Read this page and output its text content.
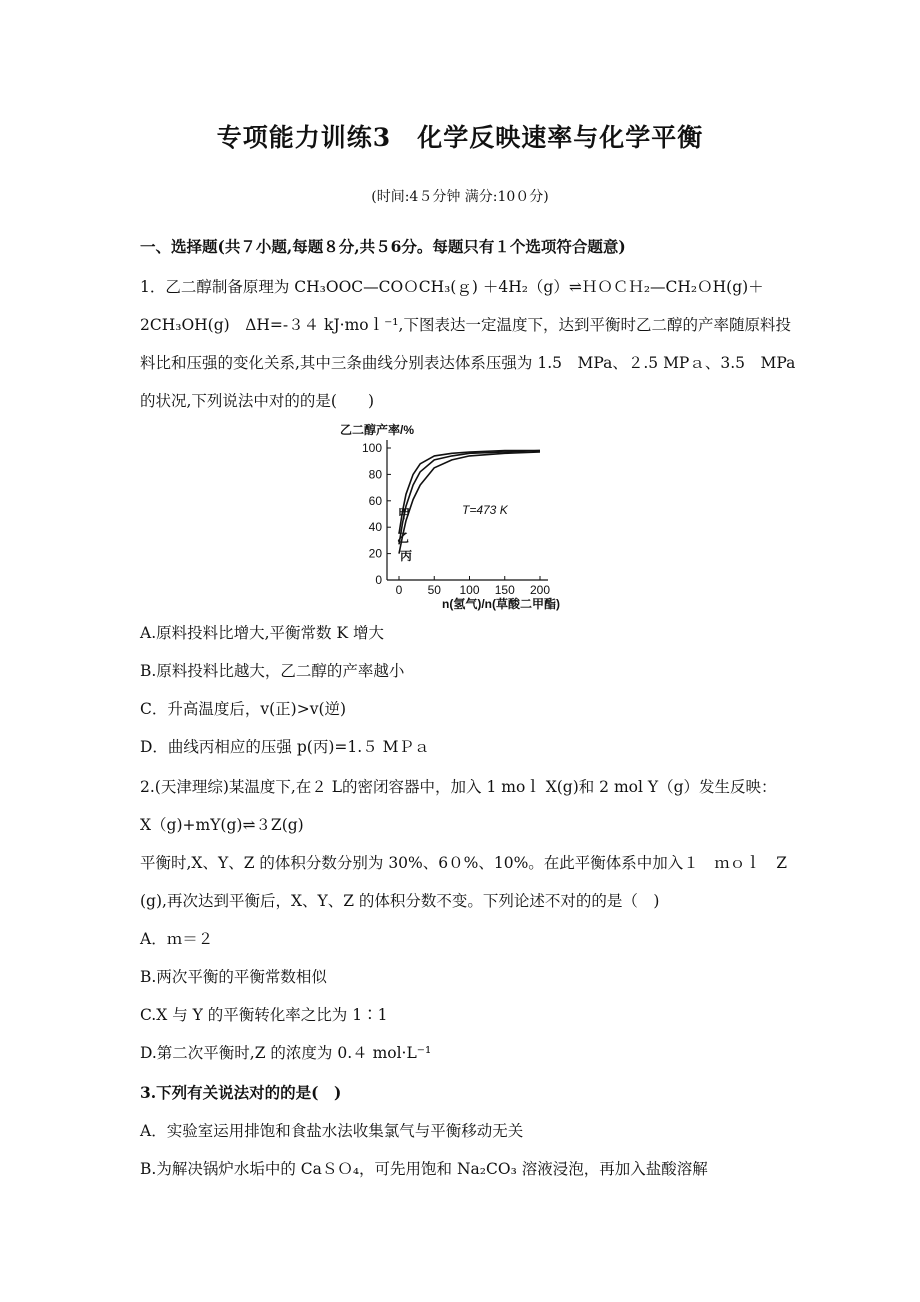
专项能力训练3　化学反映速率与化学平衡
(时间:4５分钟 满分:10０分)
一、选择题(共７小题,每题８分,共５6分。每题只有１个选项符合题意)
1．乙二醇制备原理为 CH₃OOC—COＯCH₃(ｇ) ＋4H₂（g）⇌ＨＯＣＨ₂—CH₂ＯH(g)＋
2CH₃OH(g)　ΔH=-３４ kJ·moｌ⁻¹,下图表达一定温度下，达到平衡时乙二醇的产率随原料投
料比和压强的变化关系,其中三条曲线分别表达体系压强为 1.5　MPa、２.5 MPａ、3.5　MPa
的状况,下列说法中对的的是(　　)
乙二醇产率/%
0
20
40
60
80
100
0 50 100 150 200
甲
乙
丙
T=473 K
n(氢气)/n(草酸二甲酯)
A.原料投料比增大,平衡常数 K 增大
B.原料投料比越大，乙二醇的产率越小
C．升高温度后，v(正)>v(逆)
D．曲线丙相应的压强 p(丙)=1.５ MＰａ
2.(天津理综)某温度下,在２ L的密闭容器中，加入 1 moｌ X(g)和 2 mol Y（g）发生反映：
X（g)+mY(g)⇌３Z(g)
平衡时,X、Y、Z 的体积分数分别为 30%、6０%、10%。在此平衡体系中加入１　ｍｏｌ　Z
(g),再次达到平衡后，X、Y、Z 的体积分数不变。下列论述不对的的是（　)
A．ｍ＝２
B.两次平衡的平衡常数相似
C.X 与 Y 的平衡转化率之比为 1∶1
D.第二次平衡时,Z 的浓度为 0.４ mol·L⁻¹
3.下列有关说法对的的是(　)
A．实验室运用排饱和食盐水法收集氯气与平衡移动无关
B.为解决锅炉水垢中的 CaＳＯ₄，可先用饱和 Na₂CO₃ 溶液浸泡，再加入盐酸溶解
